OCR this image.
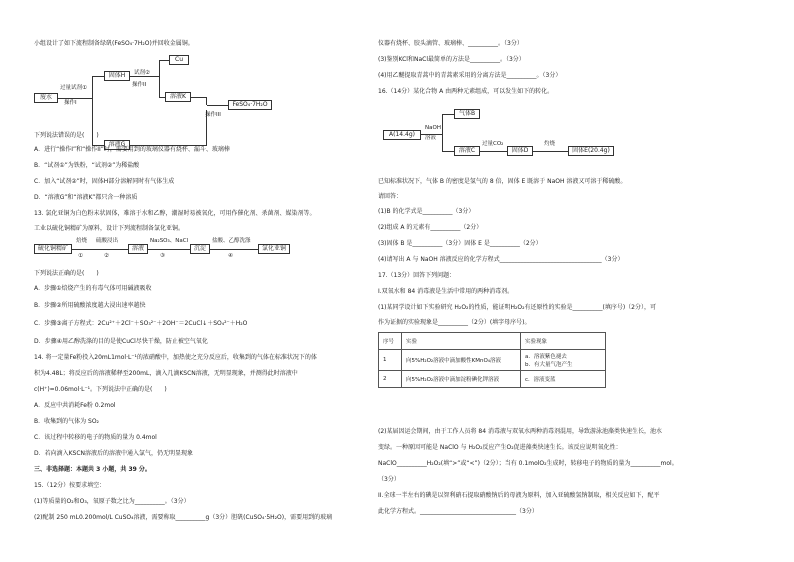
小组设计了如下流程制备绿矾(FeSO₄·7H₂O)并回收金属铜。
废水
过量试剂①
操作I
固体H	试剂②
操作II
Cu
溶液K
溶液G
操作III
FeSO₄·7H₂O
下列说法错误的是(　　)
A．进行“操作I”和“操作II”时，需要用到的玻璃仪器有烧杯、漏斗、玻璃棒
B．“试剂①”为铁粉，“试剂②”为稀盐酸
C．加入“试剂②”时，固体H部分溶解同时有气体生成
D．“溶液G”和“溶液K”都只含一种溶质
13. 氯化亚铜为白色粉末状固体，难溶于水和乙醇，潮湿时易被氧化，可用作催化剂、杀菌剂、媒染剂等。
工业以硫化铜精矿为原料，设计下列流程制备氯化亚铜。
硫化铜精矿
焙烧
①
硫酸浸出
②
溶液
Na₂SO₃、NaCl
③
沉淀
盐酸、乙醇洗涤
④
氯化亚铜
下列说法正确的是(　　)
A．步骤①焙烧产生的有毒气体可用碱液吸收
B．步骤②所用硫酸浓度越大浸出速率越快
C．步骤③离子方程式：2Cu²⁺＋2Cl⁻＋SO₃²⁻＋2OH⁻＝2CuCl↓＋SO₄²⁻＋H₂O
D．步骤④用乙醇洗涤的目的是使CuCl尽快干燥，防止被空气氧化
14. 将一定量Fe粉投入20mL1mol·L⁻¹的浓硝酸中，加热使之充分反应后，收集到的气体在标准状况下的体
积为4.48L；将反应后的溶液稀释至200mL，滴入几滴KSCN溶液，无明显现象，并测得此时溶液中
c(H⁺)=0.06mol·L⁻¹。下列说法中正确的是(　　)
A．反应中共消耗Fe粉 0.2mol
B．收集到的气体为 SO₂
C．该过程中转移的电子的物质的量为 0.4mol
D．若向滴入KSCN溶液后的溶液中通入氯气，仍无明显现象
三、非选择题：本题共 3 小题，共 39 分。
15.（12分）按要求填空：
(1)等质量的O₂和O₃，氧原子数之比为__________。（3分）
(2)配制 250 mL0.200mol/L CuSO₄溶液，需要称取__________g（3分）胆矾(CuSO₄·5H₂O)，需要用到的玻璃
仪器有烧杯、胶头滴管、玻璃棒、__________。（3分）
(3)鉴别KCl和NaCl最简单的方法是__________。（3分）
(4)用乙醚提取青蒿中的青蒿素采用的分离方法是__________。（3分）
16.（14分）某化合物 A 由两种元素组成，可以发生如下的转化。
A(14.4g)
NaOH
溶液
气体B
溶液C
过量CO₂
固体D
灼烧
固体E(20.4g)
已知标准状况下，气体 B 的密度是氢气的 8 倍，固体 E 既溶于 NaOH 溶液又可溶于稀硫酸。
请回答：
(1)B 的化学式是__________（3分）
(2)组成 A 的元素有__________（2分）
(3)固体 B 是__________（3分）固体 E 是__________（2分）
(4)请写出 A 与 NaOH 溶液反应的化学方程式__________________________________（3分）
17.（13分）回答下列问题：
I.双氧水和 84 消毒液是生活中常用的两种消毒剂。
(1)某同学设计如下实验研究 H₂O₂的性质，能证明H₂O₂有还原性的实验是__________(填序号)（2分），可
作为证据的实验现象是__________（2分）(填字母序号)。
序号	实验	实验现象
1	向5%H₂O₂溶液中滴加酸性KMnO₄溶液	a．溶液紫色褪去
b．有大量气泡产生

2	向5%H₂O₂溶液中滴加淀粉碘化钾溶液	c．溶液变蓝
(2)某届因运会期间，由于工作人员将 84 消毒液与双氧水两种消毒剂混用，导致游泳池藻类快速生长，池水
变绿。一种原因可能是 NaClO 与 H₂O₂反应产生O₂促进藻类快速生长。该反应说明氧化性：
NaClO__________H₂O₂(填“>”或“<”)（2分）；当有 0.1molO₂生成时，转移电子的物质的量为__________mol。
（3分）
II.全球一半左右的碘是以智利硝石提取硝酸钠后的母液为原料，加入亚硫酸氢钠制取，相关反应如下，配平
此化学方程式。________________________________（3分）
